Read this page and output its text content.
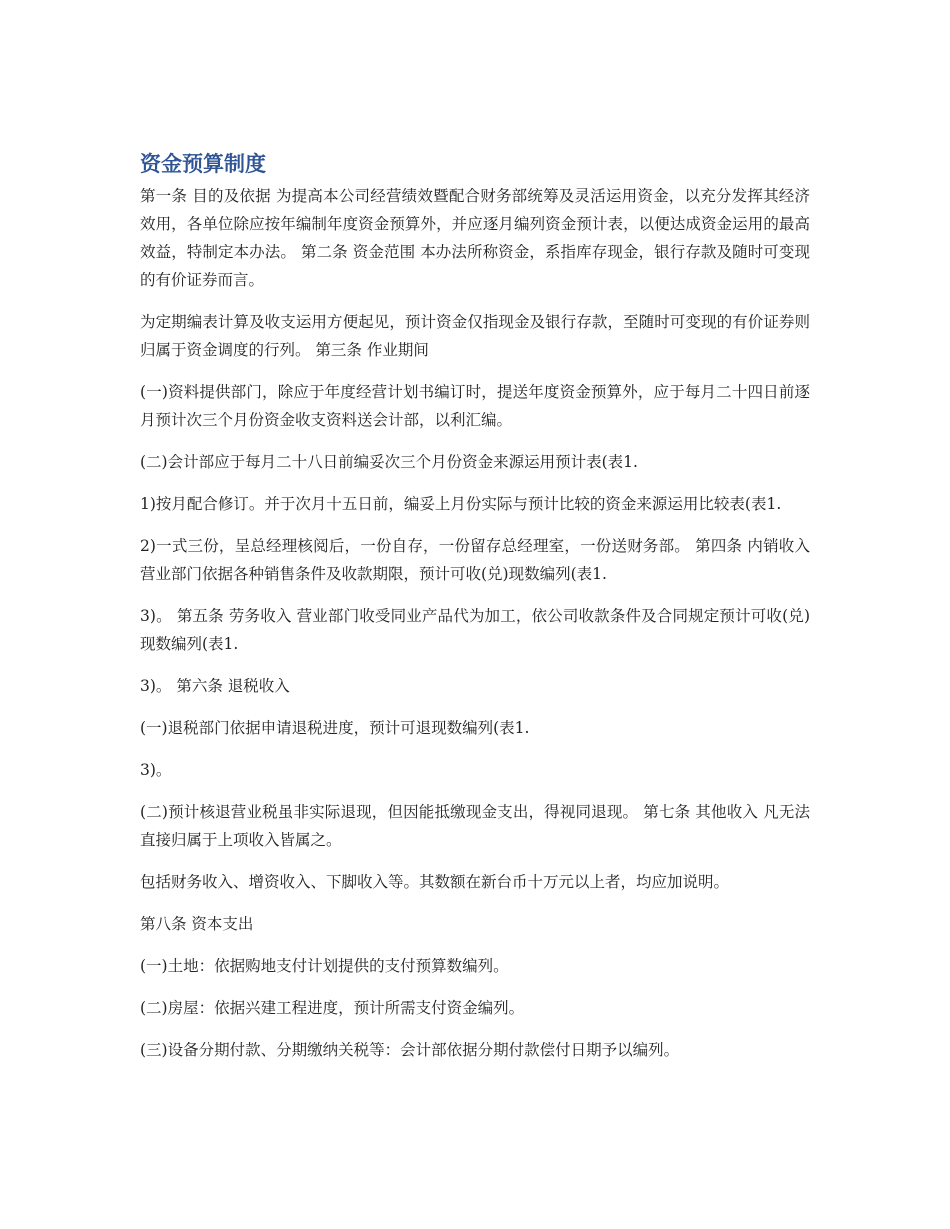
资金预算制度

第一条 目的及依据 为提高本公司经营绩效暨配合财务部统筹及灵活运用资金，以充分发挥其经济效用，各单位除应按年编制年度资金预算外，并应逐月编列资金预计表，以便达成资金运用的最高效益，特制定本办法。 第二条 资金范围 本办法所称资金，系指库存现金，银行存款及随时可变现的有价证券而言。

为定期编表计算及收支运用方便起见，预计资金仅指现金及银行存款，至随时可变现的有价证券则归属于资金调度的行列。 第三条 作业期间

(一)资料提供部门，除应于年度经营计划书编订时，提送年度资金预算外，应于每月二十四日前逐月预计次三个月份资金收支资料送会计部，以利汇编。

(二)会计部应于每月二十八日前编妥次三个月份资金来源运用预计表(表1.

1)按月配合修订。并于次月十五日前，编妥上月份实际与预计比较的资金来源运用比较表(表1.

2)一式三份，呈总经理核阅后，一份自存，一份留存总经理室，一份送财务部。 第四条 内销收入 营业部门依据各种销售条件及收款期限，预计可收(兑)现数编列(表1.

3)。 第五条 劳务收入 营业部门收受同业产品代为加工，依公司收款条件及合同规定预计可收(兑)现数编列(表1.

3)。 第六条 退税收入

(一)退税部门依据申请退税进度，预计可退现数编列(表1.

3)。

(二)预计核退营业税虽非实际退现，但因能抵缴现金支出，得视同退现。 第七条 其他收入 凡无法直接归属于上项收入皆属之。

包括财务收入、增资收入、下脚收入等。其数额在新台币十万元以上者，均应加说明。

第八条 资本支出

(一)土地：依据购地支付计划提供的支付预算数编列。

(二)房屋：依据兴建工程进度，预计所需支付资金编列。

(三)设备分期付款、分期缴纳关税等：会计部依据分期付款偿付日期予以编列。
